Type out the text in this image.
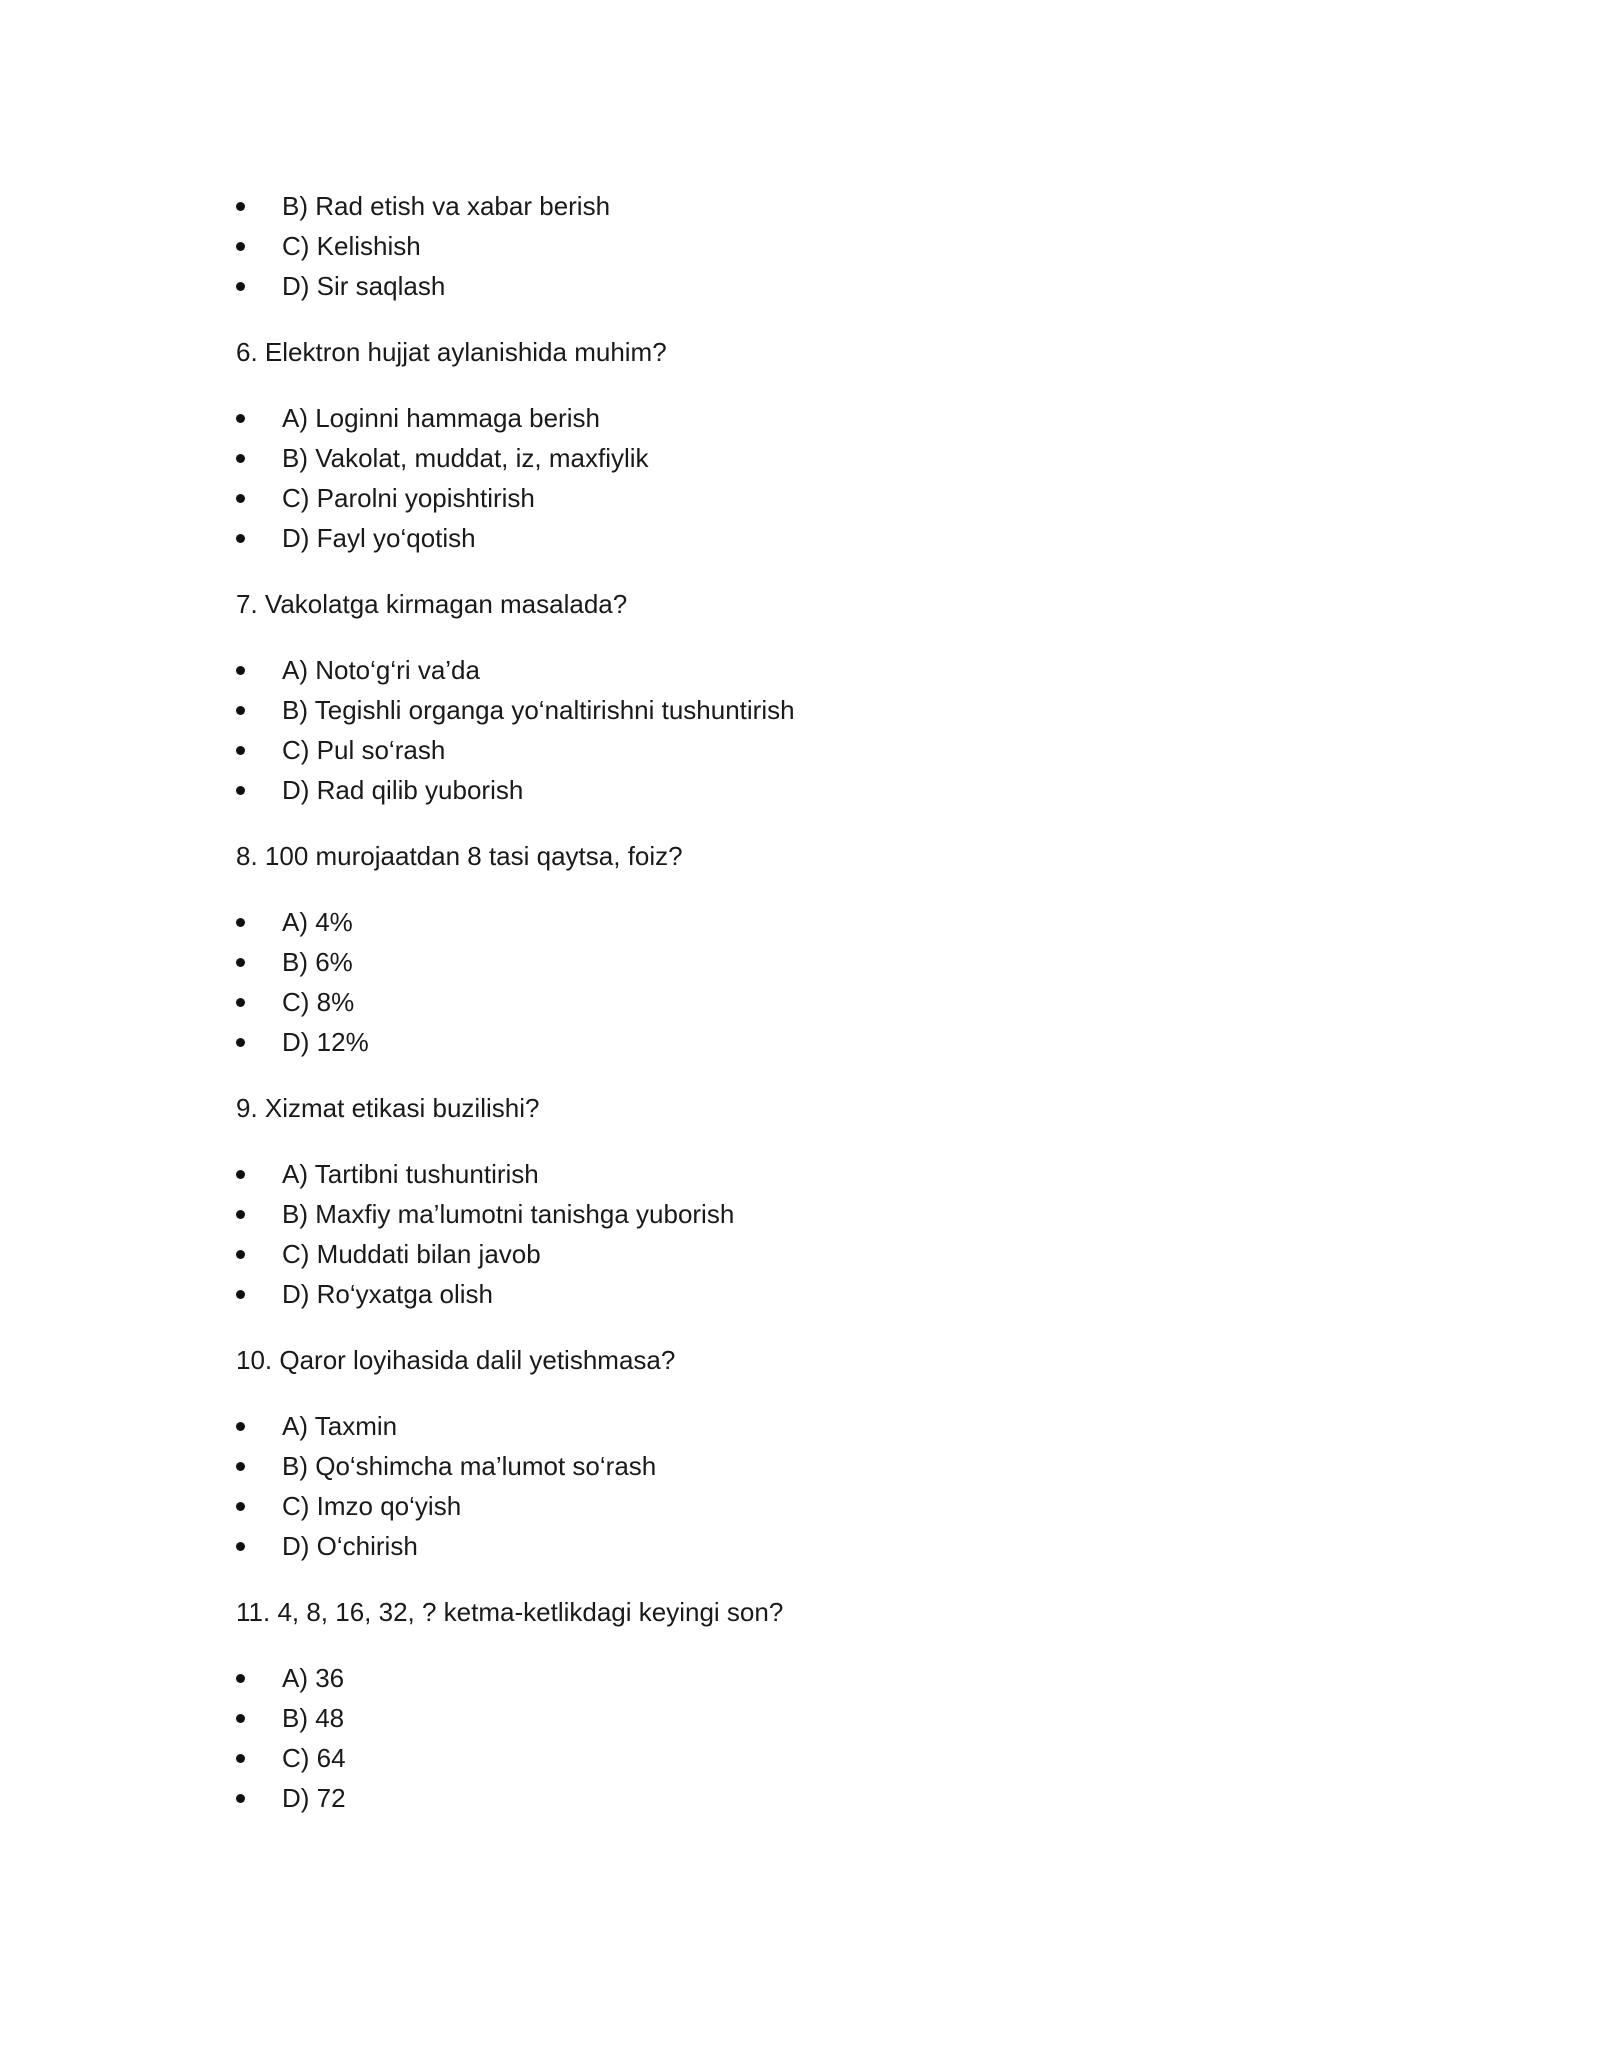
B) Rad etish va xabar berish
C) Kelishish
D) Sir saqlash
6. Elektron hujjat aylanishida muhim?
A) Loginni hammaga berish
B) Vakolat, muddat, iz, maxfiylik
C) Parolni yopishtirish
D) Fayl yo‘qotish
7. Vakolatga kirmagan masalada?
A) Noto‘g‘ri va’da
B) Tegishli organga yo‘naltirishni tushuntirish
C) Pul so‘rash
D) Rad qilib yuborish
8. 100 murojaatdan 8 tasi qaytsa, foiz?
A) 4%
B) 6%
C) 8%
D) 12%
9. Xizmat etikasi buzilishi?
A) Tartibni tushuntirish
B) Maxfiy ma’lumotni tanishga yuborish
C) Muddati bilan javob
D) Ro‘yxatga olish
10. Qaror loyihasida dalil yetishmasa?
A) Taxmin
B) Qo‘shimcha ma’lumot so‘rash
C) Imzo qo‘yish
D) O‘chirish
11. 4, 8, 16, 32, ? ketma-ketlikdagi keyingi son?
A) 36
B) 48
C) 64
D) 72
